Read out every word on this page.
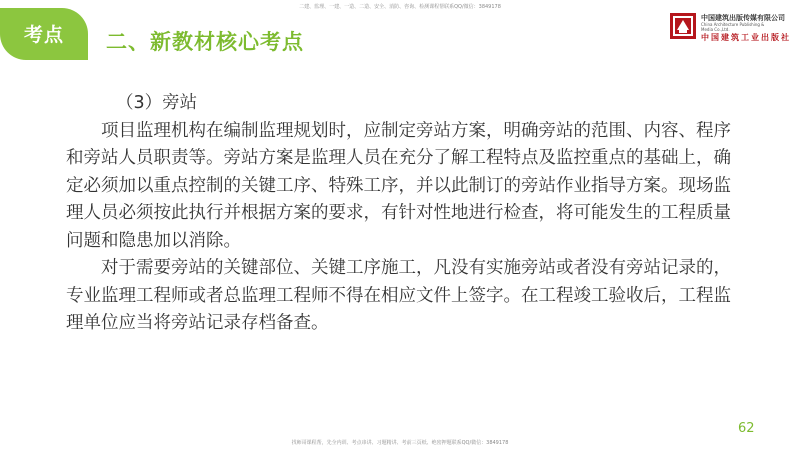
二建、监理、一建、一造、二造、安全、消防、咨询、检测课程帮联系QQ/微信：3849178
考点	二、新教材核心考点
中国建筑出版传媒有限公司
China Architecture Publishing &
Media Co.,Ltd.
中国建筑工业出版社

（3）旁站

项目监理机构在编制监理规划时，应制定旁站方案，明确旁站的范围、内容、程序和旁站人员职责等。旁站方案是监理人员在充分了解工程特点及监控重点的基础上，确定必须加以重点控制的关键工序、特殊工序，并以此制订的旁站作业指导方案。现场监理人员必须按此执行并根据方案的要求，有针对性地进行检查，将可能发生的工程质量问题和隐患加以消除。

对于需要旁站的关键部位、关键工序施工，凡没有实施旁站或者没有旁站记录的，专业监理工程师或者总监理工程师不得在相应文件上签字。在工程竣工验收后，工程监理单位应当将旁站记录存档备查。

62
找师哥课程帮，先全内训、考点串讲、习题精讲、考前三页纸、绝密押题联系QQ/微信：3849178
